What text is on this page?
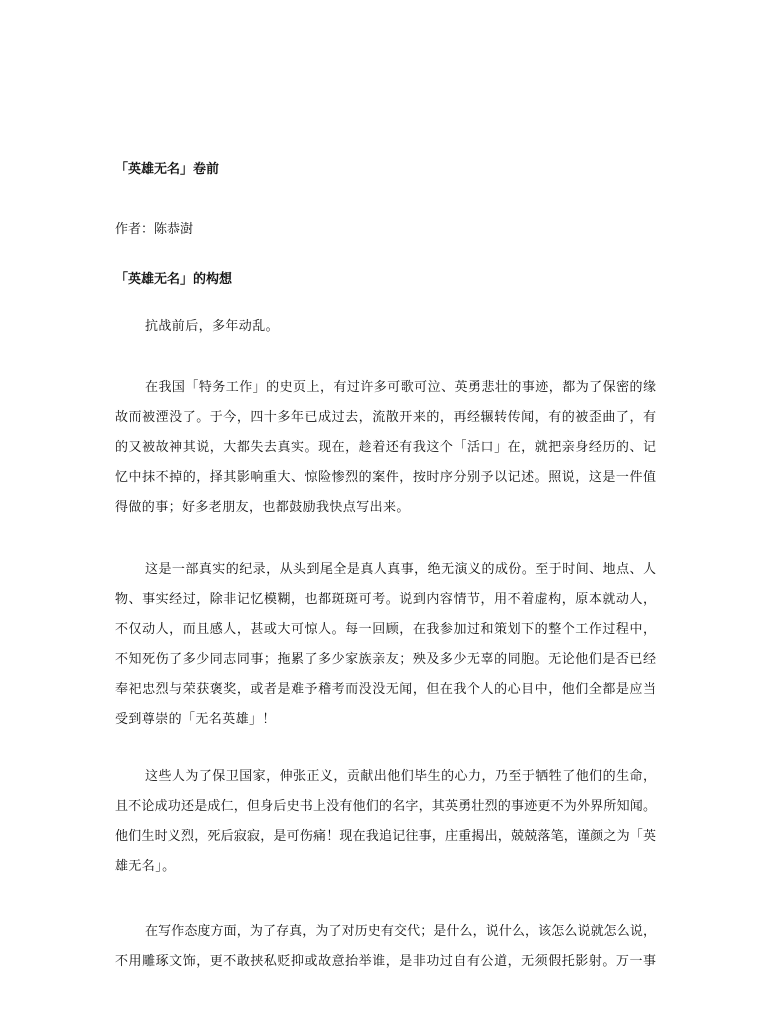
「英雄无名」卷前
作者：陈恭澍
「英雄无名」的构想
抗战前后，多年动乱。
在我国「特务工作」的史页上，有过许多可歌可泣、英勇悲壮的事迹，都为了保密的缘
故而被湮没了。于今，四十多年已成过去，流散开来的，再经辗转传闻，有的被歪曲了，有
的又被故神其说，大都失去真实。现在，趁着还有我这个「活口」在，就把亲身经历的、记
忆中抹不掉的，择其影响重大、惊险惨烈的案件，按时序分别予以记述。照说，这是一件值
得做的事；好多老朋友，也都鼓励我快点写出来。
这是一部真实的纪录，从头到尾全是真人真事，绝无演义的成份。至于时间、地点、人
物、事实经过，除非记忆模糊，也都斑斑可考。说到内容情节，用不着虚构，原本就动人，
不仅动人，而且感人，甚或大可惊人。每一回顾，在我参加过和策划下的整个工作过程中，
不知死伤了多少同志同事；拖累了多少家族亲友；殃及多少无辜的同胞。无论他们是否已经
奉祀忠烈与荣获褒奖，或者是难予稽考而没没无闻，但在我个人的心目中，他们全都是应当
受到尊崇的「无名英雄」！
这些人为了保卫国家，伸张正义，贡献出他们毕生的心力，乃至于牺牲了他们的生命，
且不论成功还是成仁，但身后史书上没有他们的名字，其英勇壮烈的事迹更不为外界所知闻。
他们生时义烈，死后寂寂，是可伤痛！现在我追记往事，庄重揭出，兢兢落笔，谨颜之为「英
雄无名」。
在写作态度方面，为了存真，为了对历史有交代；是什么，说什么，该怎么说就怎么说，
不用雕琢文饰，更不敢挟私贬抑或故意抬举谁，是非功过自有公道，无须假托影射。万一事
